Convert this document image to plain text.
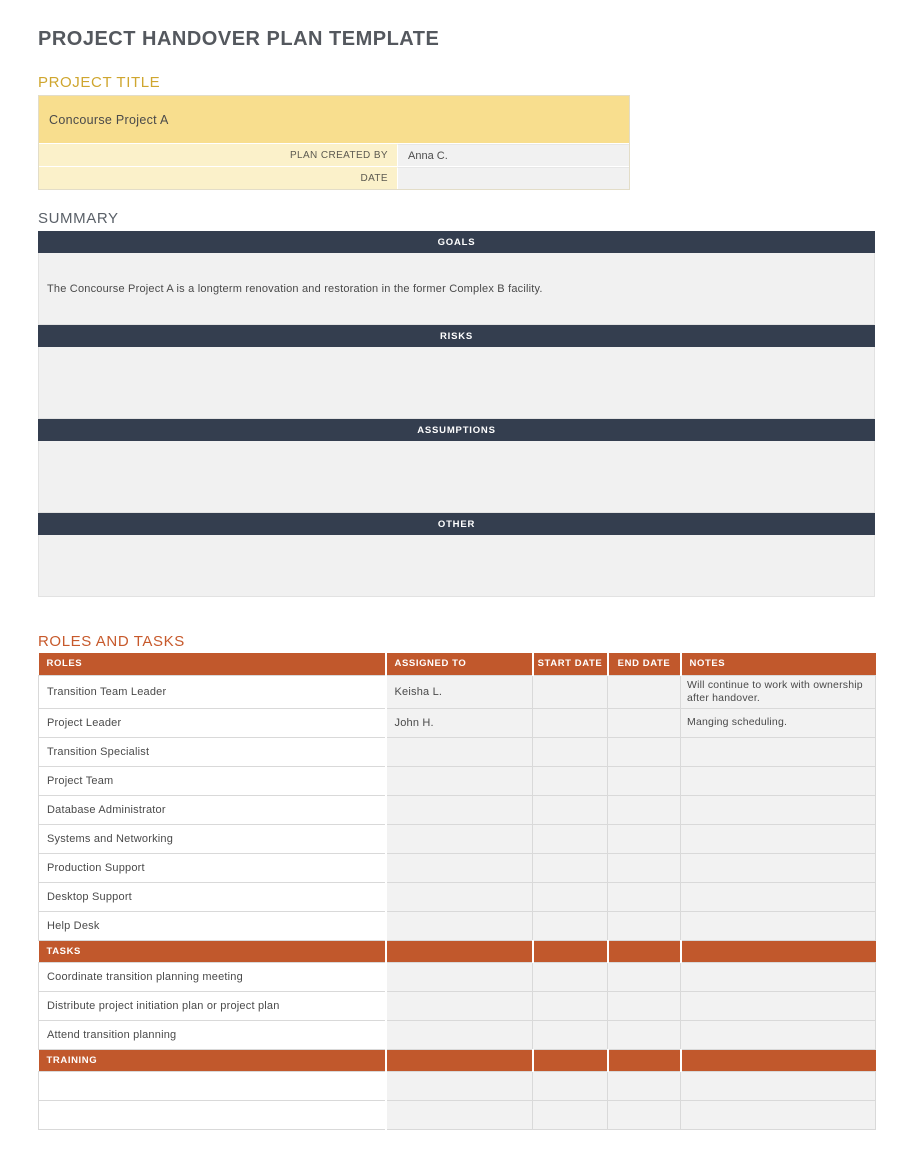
PROJECT HANDOVER PLAN TEMPLATE
PROJECT TITLE
Concourse Project A
PLAN CREATED BY	Anna C.
DATE
SUMMARY
GOALS
The Concourse Project A is a longterm renovation and restoration in the former Complex B facility.
RISKS
ASSUMPTIONS
OTHER
ROLES AND TASKS
ROLES	ASSIGNED TO	START DATE	END DATE	NOTES
Transition Team Leader	Keisha L.			Will continue to work with ownership after handover.
Project Leader	John H.			Manging scheduling.
Transition Specialist				
Project Team				
Database Administrator				
Systems and Networking				
Production Support				
Desktop Support				
Help Desk				
TASKS				
Coordinate transition planning meeting				
Distribute project initiation plan or project plan				
Attend transition planning				
TRAINING				
